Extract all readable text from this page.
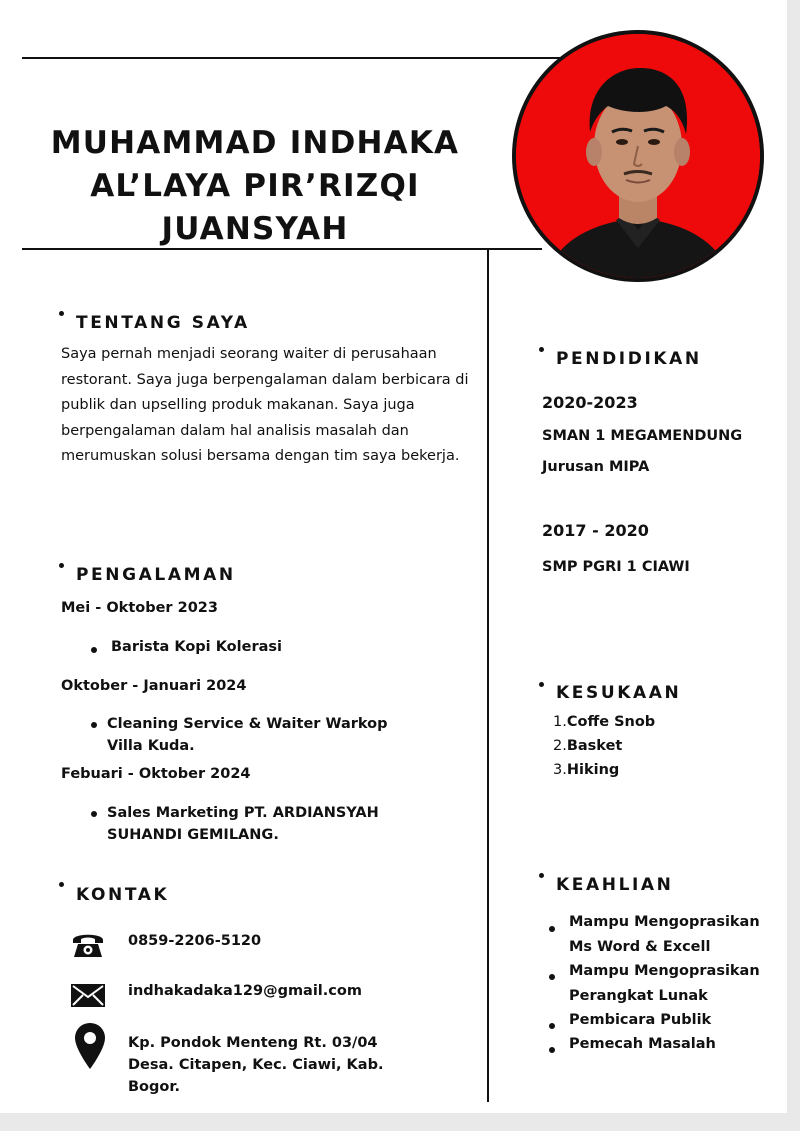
MUHAMMAD INDHAKA
AL’LAYA PIR’RIZQI
JUANSYAH
TENTANG SAYA
Saya pernah menjadi seorang waiter di perusahaan restorant. Saya juga berpengalaman dalam berbicara di publik dan upselling produk makanan. Saya juga berpengalaman dalam hal analisis masalah dan merumuskan solusi bersama dengan tim saya bekerja.
PENGALAMAN
Mei - Oktober 2023
Barista Kopi Kolerasi
Oktober - Januari 2024
Cleaning Service & Waiter Warkop Villa Kuda.
Febuari - Oktober 2024
Sales Marketing PT. ARDIANSYAH SUHANDI GEMILANG.
KONTAK
0859-2206-5120
indhakadaka129@gmail.com
Kp. Pondok Menteng Rt. 03/04 Desa. Citapen, Kec. Ciawi, Kab. Bogor.
PENDIDIKAN
2020-2023
SMAN 1 MEGAMENDUNG
Jurusan MIPA
2017 - 2020
SMP PGRI 1 CIAWI
KESUKAAN
1.Coffe Snob
2.Basket
3.Hiking
KEAHLIAN
Mampu Mengoprasikan Ms Word & Excell
Mampu Mengoprasikan Perangkat Lunak
Pembicara Publik
Pemecah Masalah
